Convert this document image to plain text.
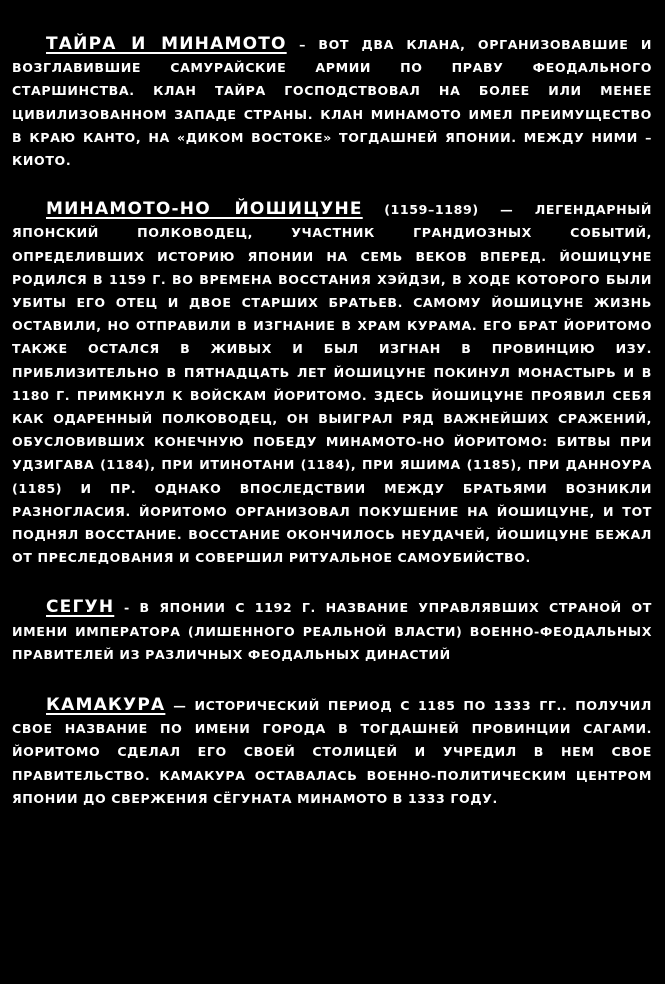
ТАЙРА И МИНАМОТО – ВОТ ДВА КЛАНА, ОРГАНИЗОВАВШИЕ И ВОЗГЛАВИВШИЕ САМУРАЙСКИЕ АРМИИ ПО ПРАВУ ФЕОДАЛЬНОГО СТАРШИНСТВА. КЛАН ТАЙРА ГОСПОДСТВОВАЛ НА БОЛЕЕ ИЛИ МЕНЕЕ ЦИВИЛИЗОВАННОМ ЗАПАДЕ СТРАНЫ. КЛАН МИНАМОТО ИМЕЛ ПРЕИМУЩЕСТВО В КРАЮ КАНТО, НА «ДИКОМ ВОСТОКЕ» ТОГДАШНЕЙ ЯПОНИИ. МЕЖДУ НИМИ – КИОТО.

МИНАМОТО-НО ЙОШИЦУНЕ (1159–1189) — ЛЕГЕНДАРНЫЙ ЯПОНСКИЙ ПОЛКОВОДЕЦ, УЧАСТНИК ГРАНДИОЗНЫХ СОБЫТИЙ, ОПРЕДЕЛИВШИХ ИСТОРИЮ ЯПОНИИ НА СЕМЬ ВЕКОВ ВПЕРЕД. ЙОШИЦУНЕ РОДИЛСЯ В 1159 Г. ВО ВРЕМЕНА ВОССТАНИЯ ХЭЙДЗИ, В ХОДЕ КОТОРОГО БЫЛИ УБИТЫ ЕГО ОТЕЦ И ДВОЕ СТАРШИХ БРАТЬЕВ. САМОМУ ЙОШИЦУНЕ ЖИЗНЬ ОСТАВИЛИ, НО ОТПРАВИЛИ В ИЗГНАНИЕ В ХРАМ КУРАМА. ЕГО БРАТ ЙОРИТОМО ТАКЖЕ ОСТАЛСЯ В ЖИВЫХ И БЫЛ ИЗГНАН В ПРОВИНЦИЮ ИЗУ. ПРИБЛИЗИТЕЛЬНО В ПЯТНАДЦАТЬ ЛЕТ ЙОШИЦУНЕ ПОКИНУЛ МОНАСТЫРЬ И В 1180 Г. ПРИМКНУЛ К ВОЙСКАМ ЙОРИТОМО. ЗДЕСЬ ЙОШИЦУНЕ ПРОЯВИЛ СЕБЯ КАК ОДАРЕННЫЙ ПОЛКОВОДЕЦ, ОН ВЫИГРАЛ РЯД ВАЖНЕЙШИХ СРАЖЕНИЙ, ОБУСЛОВИВШИХ КОНЕЧНУЮ ПОБЕДУ МИНАМОТО-НО ЙОРИТОМО: БИТВЫ ПРИ УДЗИГАВА (1184), ПРИ ИТИНОТАНИ (1184), ПРИ ЯШИМА (1185), ПРИ ДАННОУРА (1185) И ПР. ОДНАКО ВПОСЛЕДСТВИИ МЕЖДУ БРАТЬЯМИ ВОЗНИКЛИ РАЗНОГЛАСИЯ. ЙОРИТОМО ОРГАНИЗОВАЛ ПОКУШЕНИЕ НА ЙОШИЦУНЕ, И ТОТ ПОДНЯЛ ВОССТАНИЕ. ВОССТАНИЕ ОКОНЧИЛОСЬ НЕУДАЧЕЙ, ЙОШИЦУНЕ БЕЖАЛ ОТ ПРЕСЛЕДОВАНИЯ И СОВЕРШИЛ РИТУАЛЬНОЕ САМОУБИЙСТВО.

СЕГУН - В ЯПОНИИ С 1192 Г. НАЗВАНИЕ УПРАВЛЯВШИХ СТРАНОЙ ОТ ИМЕНИ ИМПЕРАТОРА (ЛИШЕННОГО РЕАЛЬНОЙ ВЛАСТИ) ВОЕННО-ФЕОДАЛЬНЫХ ПРАВИТЕЛЕЙ ИЗ РАЗЛИЧНЫХ ФЕОДАЛЬНЫХ ДИНАСТИЙ

КАМАКУРА — ИСТОРИЧЕСКИЙ ПЕРИОД С 1185 ПО 1333 ГГ.. ПОЛУЧИЛ СВОЕ НАЗВАНИЕ ПО ИМЕНИ ГОРОДА В ТОГДАШНЕЙ ПРОВИНЦИИ САГАМИ. ЙОРИТОМО СДЕЛАЛ ЕГО СВОЕЙ СТОЛИЦЕЙ И УЧРЕДИЛ В НЕМ СВОЕ ПРАВИТЕЛЬСТВО. КАМАКУРА ОСТАВАЛАСЬ ВОЕННО-ПОЛИТИЧЕСКИМ ЦЕНТРОМ ЯПОНИИ ДО СВЕРЖЕНИЯ СЁГУНАТА МИНАМОТО В 1333 ГОДУ.
